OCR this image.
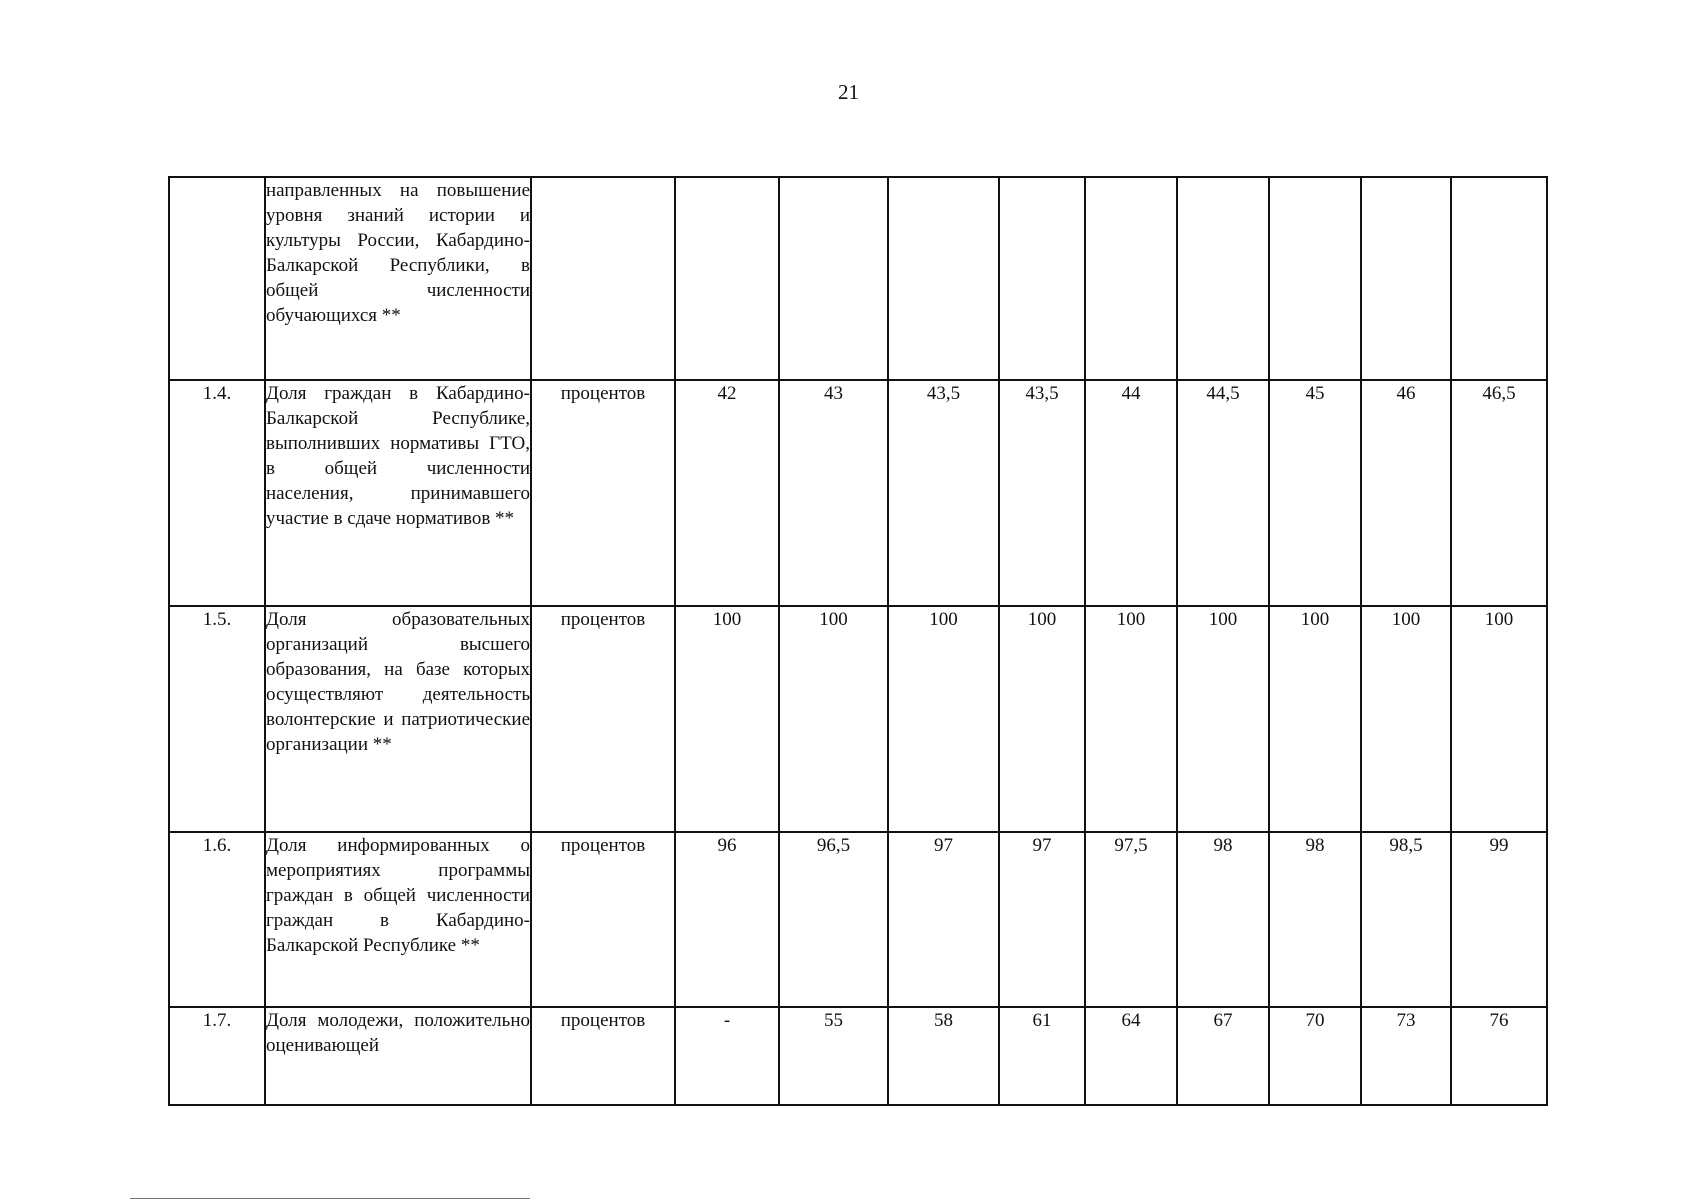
21
	направленных на повышение уровня знаний истории и культуры России, Кабардино-Балкарской Республики, в общей численности обучающихся **										
1.4.	Доля граждан в Кабардино-Балкарской Республике, выполнивших нормативы ГТО, в общей численности населения, принимавшего участие в сдаче нормативов **	процентов	42	43	43,5	43,5	44	44,5	45	46	46,5
1.5.	Доля образовательных организаций высшего образования, на базе которых осуществляют деятельность волонтерские и патриотические организации **	процентов	100	100	100	100	100	100	100	100	100
1.6.	Доля информированных о мероприятиях программы граждан в общей численности граждан в Кабардино-Балкарской Республике **	процентов	96	96,5	97	97	97,5	98	98	98,5	99
1.7.	Доля молодежи, положительно оценивающей	процентов	-	55	58	61	64	67	70	73	76
